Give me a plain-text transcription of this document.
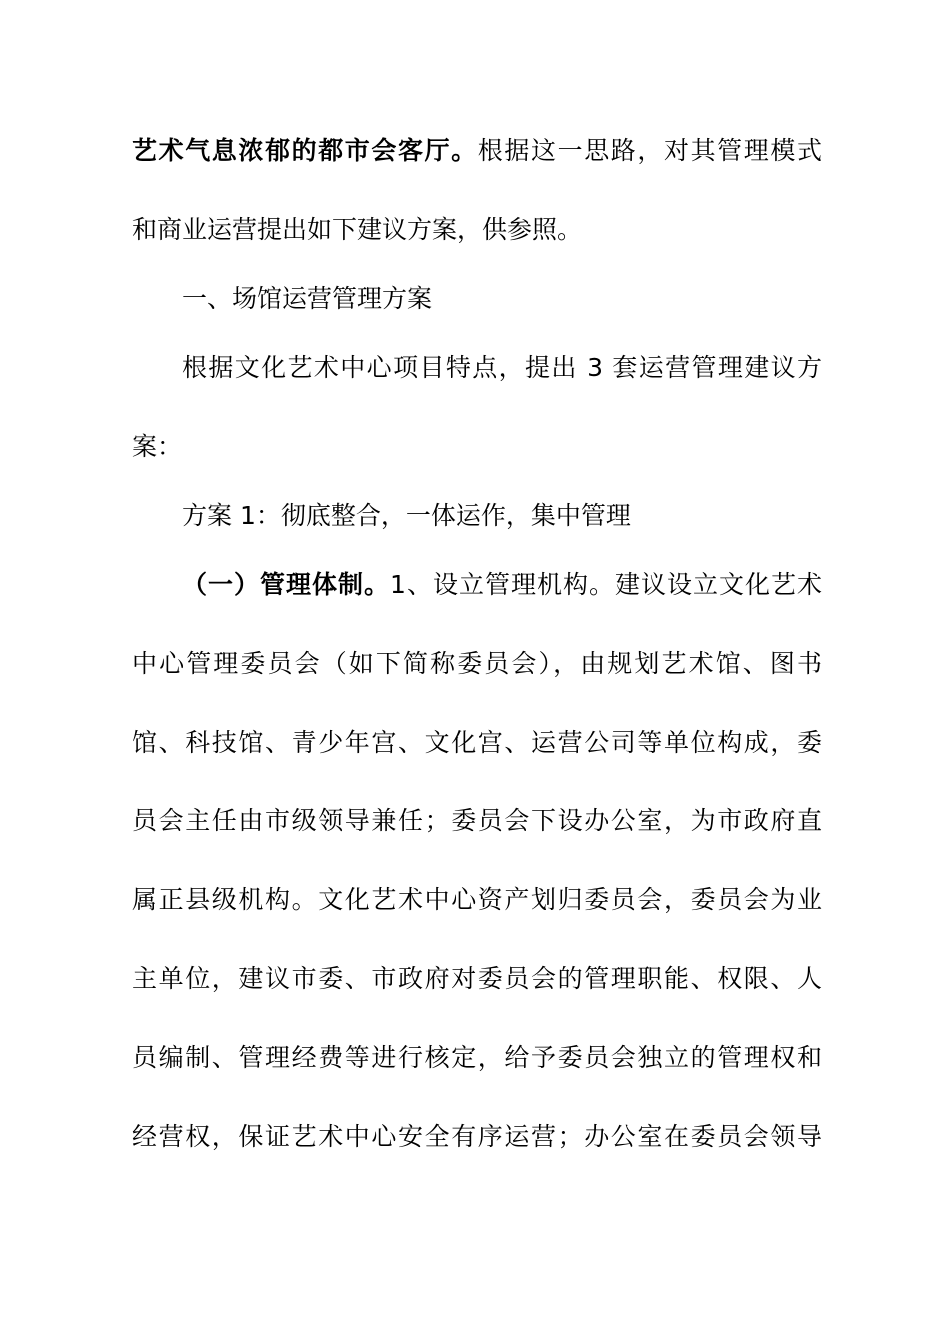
艺术气息浓郁的都市会客厅。根据这一思路，对其管理模式
和商业运营提出如下建议方案，供参照。
一、场馆运营管理方案
根据文化艺术中心项目特点，提出 3 套运营管理建议方
案：
方案 1：彻底整合，一体运作，集中管理
（一）管理体制。1、设立管理机构。建议设立文化艺术
中心管理委员会（如下简称委员会），由规划艺术馆、图书
馆、科技馆、青少年宫、文化宫、运营公司等单位构成，委
员会主任由市级领导兼任；委员会下设办公室，为市政府直
属正县级机构。文化艺术中心资产划归委员会，委员会为业
主单位，建议市委、市政府对委员会的管理职能、权限、人
员编制、管理经费等进行核定，给予委员会独立的管理权和
经营权，保证艺术中心安全有序运营；办公室在委员会领导
